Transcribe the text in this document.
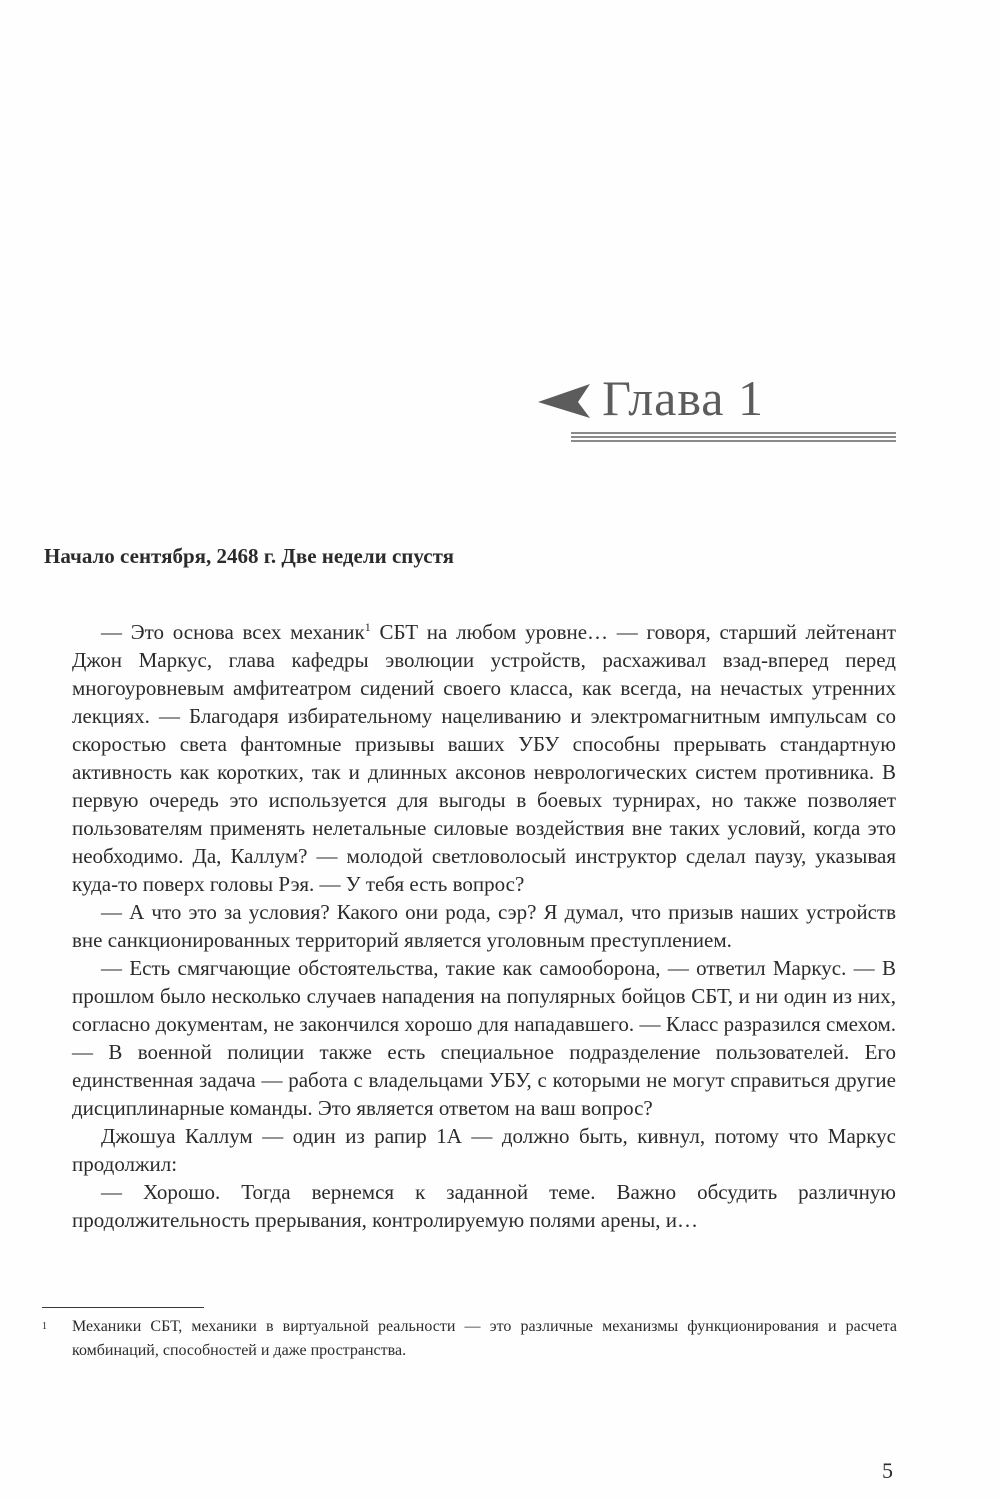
Глава 1
Начало сентября, 2468 г. Две недели спустя

— Это основа всех механик$^1$ СБТ на любом уровне… — говоря, старший лейтенант Джон Маркус, глава кафедры эволюции устройств, расхаживал взад-вперед перед многоуровневым амфитеатром сидений своего класса, как всегда, на нечастых утренних лекциях. — Благодаря избирательному нацеливанию и электромагнитным импульсам со скоростью света фантомные призывы ваших УБУ способны прерывать стандартную активность как коротких, так и длинных аксонов неврологических систем противника. В первую очередь это используется для выгоды в боевых турнирах, но также позволяет пользователям применять нелетальные силовые воздействия вне таких условий, когда это необходимо. Да, Каллум? — молодой светловолосый инструктор сделал паузу, указывая куда-то поверх головы Рэя. — У тебя есть вопрос?

— А что это за условия? Какого они рода, сэр? Я думал, что призыв наших устройств вне санкционированных территорий является уголовным преступлением.

— Есть смягчающие обстоятельства, такие как самооборона, — ответил Маркус. — В прошлом было несколько случаев нападения на популярных бойцов СБТ, и ни один из них, согласно документам, не закончился хорошо для нападавшего. — Класс разразился смехом. — В военной полиции также есть специальное подразделение пользователей. Его единственная задача — работа с владельцами УБУ, с которыми не могут справиться другие дисциплинарные команды. Это является ответом на ваш вопрос?

Джошуа Каллум — один из рапир 1А — должно быть, кивнул, потому что Маркус продолжил:

— Хорошо. Тогда вернемся к заданной теме. Важно обсудить различную продолжительность прерывания, контролируемую полями арены, и…

1 Механики СБТ, механики в виртуальной реальности — это различные механизмы функционирования и расчета комбинаций, способностей и даже пространства.
5
